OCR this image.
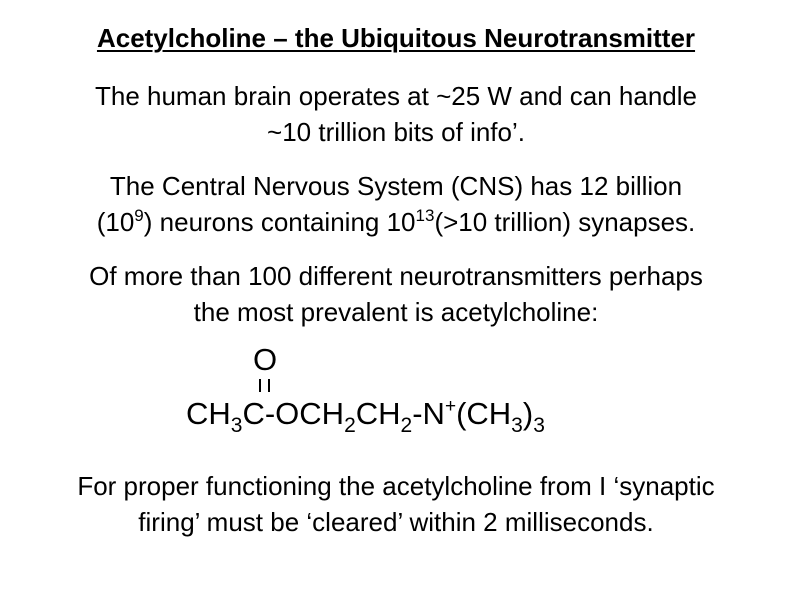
Acetylcholine – the Ubiquitous Neurotransmitter
The human brain operates at ~25 W and can handle
~10 trillion bits of info’.
The Central Nervous System (CNS) has 12 billion
$(10^9)$ neurons containing $10^{13}(>10$ trillion) synapses.
Of more than 100 different neurotransmitters perhaps
the most prevalent is acetylcholine:
O
$CH_3C-OCH_2CH_2-N^+(CH_3)_3$
For proper functioning the acetylcholine from I ‘synaptic
firing’ must be ‘cleared’ within 2 milliseconds.
